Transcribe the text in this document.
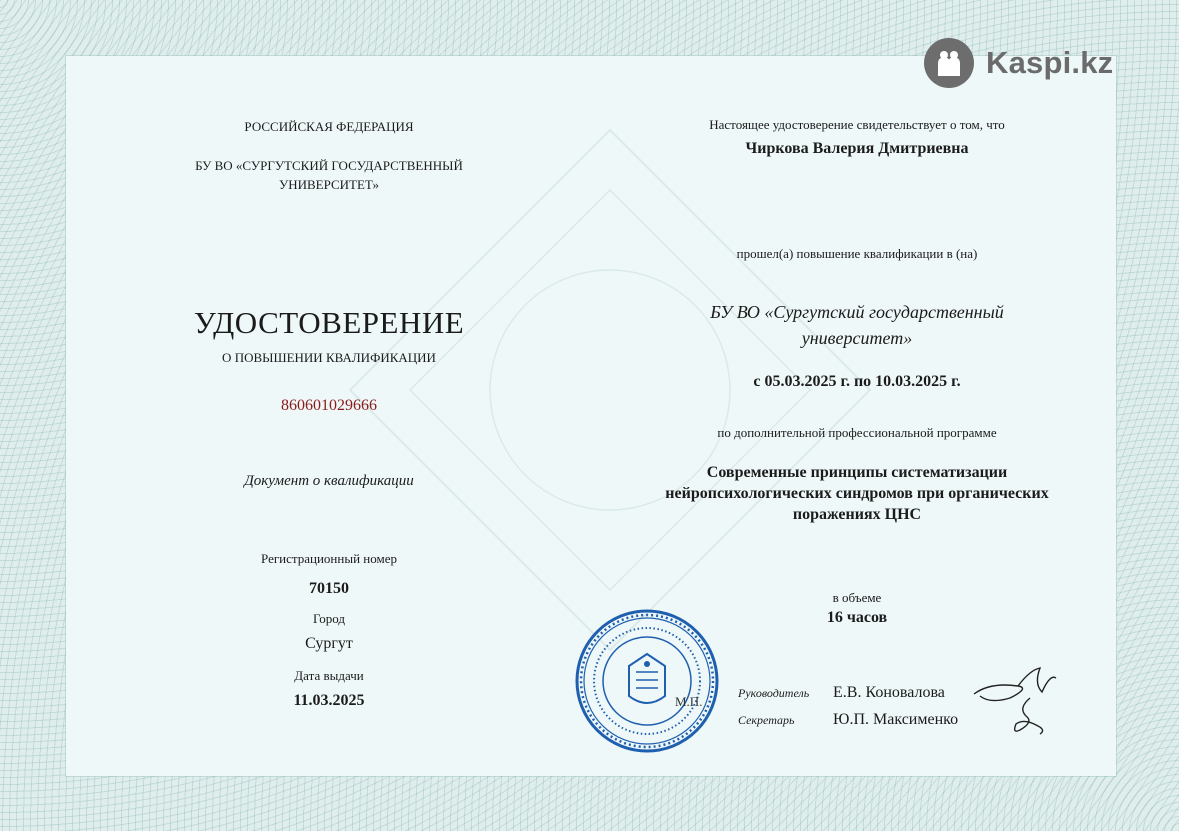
Kaspi.kz
РОССИЙСКАЯ ФЕДЕРАЦИЯ
БУ ВО «СУРГУТСКИЙ ГОСУДАРСТВЕННЫЙ
УНИВЕРСИТЕТ»
УДОСТОВЕРЕНИЕ
О ПОВЫШЕНИИ КВАЛИФИКАЦИИ
860601029666
Документ о квалификации
Регистрационный номер
70150
Город
Сургут
Дата выдачи
11.03.2025
Настоящее удостоверение свидетельствует о том, что
Чиркова Валерия Дмитриевна
прошел(а) повышение квалификации в (на)
БУ ВО «Сургутский государственный
университет»
с 05.03.2025 г. по 10.03.2025 г.
по дополнительной профессиональной программе
Современные принципы систематизации
нейропсихологических синдромов при органических
поражениях ЦНС
в объеме
16 часов
М.П.
Руководитель Е.В. Коновалова
Секретарь Ю.П. Максименко
